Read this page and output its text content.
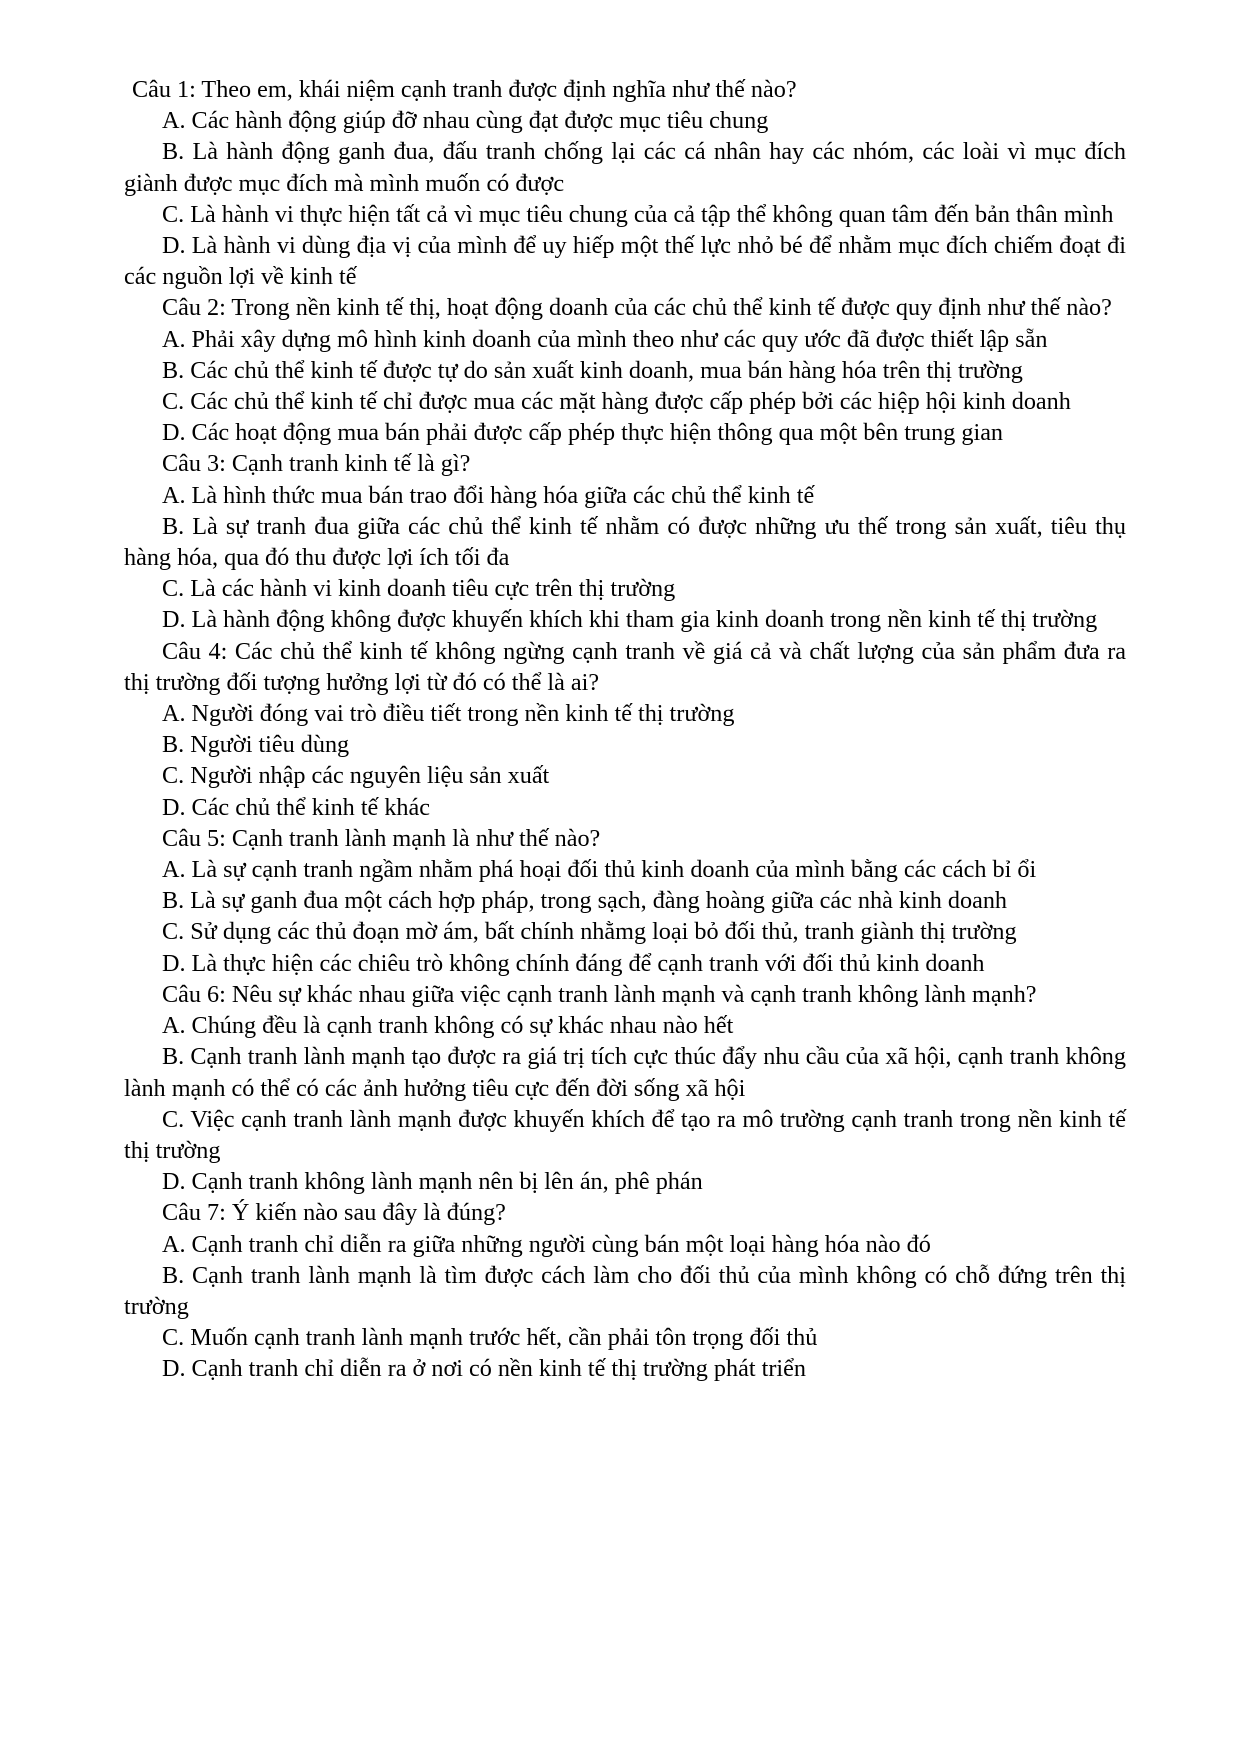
Câu 1: Theo em, khái niệm cạnh tranh được định nghĩa như thế nào?

A. Các hành động giúp đỡ nhau cùng đạt được mục tiêu chung

B. Là hành động ganh đua, đấu tranh chống lại các cá nhân hay các nhóm, các loài vì mục đích giành được mục đích mà mình muốn có được

C. Là hành vi thực hiện tất cả vì mục tiêu chung của cả tập thể không quan tâm đến bản thân mình

D. Là hành vi dùng địa vị của mình để uy hiếp một thế lực nhỏ bé để nhằm mục đích chiếm đoạt đi các nguồn lợi về kinh tế

Câu 2: Trong nền kinh tế thị, hoạt động doanh của các chủ thể kinh tế được quy định như thế nào?

A. Phải xây dựng mô hình kinh doanh của mình theo như các quy ước đã được thiết lập sẵn

B. Các chủ thể kinh tế được tự do sản xuất kinh doanh, mua bán hàng hóa trên thị trường

C. Các chủ thể kinh tế chỉ được mua các mặt hàng được cấp phép bởi các hiệp hội kinh doanh

D. Các hoạt động mua bán phải được cấp phép thực hiện thông qua một bên trung gian

Câu 3: Cạnh tranh kinh tế là gì?

A. Là hình thức mua bán trao đổi hàng hóa giữa các chủ thể kinh tế

B. Là sự tranh đua giữa các chủ thể kinh tế nhằm có được những ưu thế trong sản xuất, tiêu thụ hàng hóa, qua đó thu được lợi ích tối đa

C. Là các hành vi kinh doanh tiêu cực trên thị trường

D. Là hành động không được khuyến khích khi tham gia kinh doanh trong nền kinh tế thị trường

Câu 4: Các chủ thể kinh tế không ngừng cạnh tranh về giá cả và chất lượng của sản phẩm đưa ra thị trường đối tượng hưởng lợi từ đó có thể là ai?

A. Người đóng vai trò điều tiết trong nền kinh tế thị trường

B. Người tiêu dùng

C. Người nhập các nguyên liệu sản xuất

D. Các chủ thể kinh tế khác

Câu 5: Cạnh tranh lành mạnh là như thế nào?

A. Là sự cạnh tranh ngầm nhằm phá hoại đối thủ kinh doanh của mình bằng các cách bỉ ổi

B. Là sự ganh đua một cách hợp pháp, trong sạch, đàng hoàng giữa các nhà kinh doanh

C. Sử dụng các thủ đoạn mờ ám, bất chính nhằmg loại bỏ đối thủ, tranh giành thị trường

D. Là thực hiện các chiêu trò không chính đáng để cạnh tranh với đối thủ kinh doanh

Câu 6: Nêu sự khác nhau giữa việc cạnh tranh lành mạnh và cạnh tranh không lành mạnh?

A. Chúng đều là cạnh tranh không có sự khác nhau nào hết

B. Cạnh tranh lành mạnh tạo được ra giá trị tích cực thúc đẩy nhu cầu của xã hội, cạnh tranh không lành mạnh có thể có các ảnh hưởng tiêu cực đến đời sống xã hội

C. Việc cạnh tranh lành mạnh được khuyến khích để tạo ra mô trường cạnh tranh trong nền kinh tế thị trường

D. Cạnh tranh không lành mạnh nên bị lên án, phê phán

Câu 7: Ý kiến nào sau đây là đúng?

A. Cạnh tranh chỉ diễn ra giữa những người cùng bán một loại hàng hóa nào đó

B. Cạnh tranh lành mạnh là tìm được cách làm cho đối thủ của mình không có chỗ đứng trên thị trường

C. Muốn cạnh tranh lành mạnh trước hết, cần phải tôn trọng đối thủ

D. Cạnh tranh chỉ diễn ra ở nơi có nền kinh tế thị trường phát triển
